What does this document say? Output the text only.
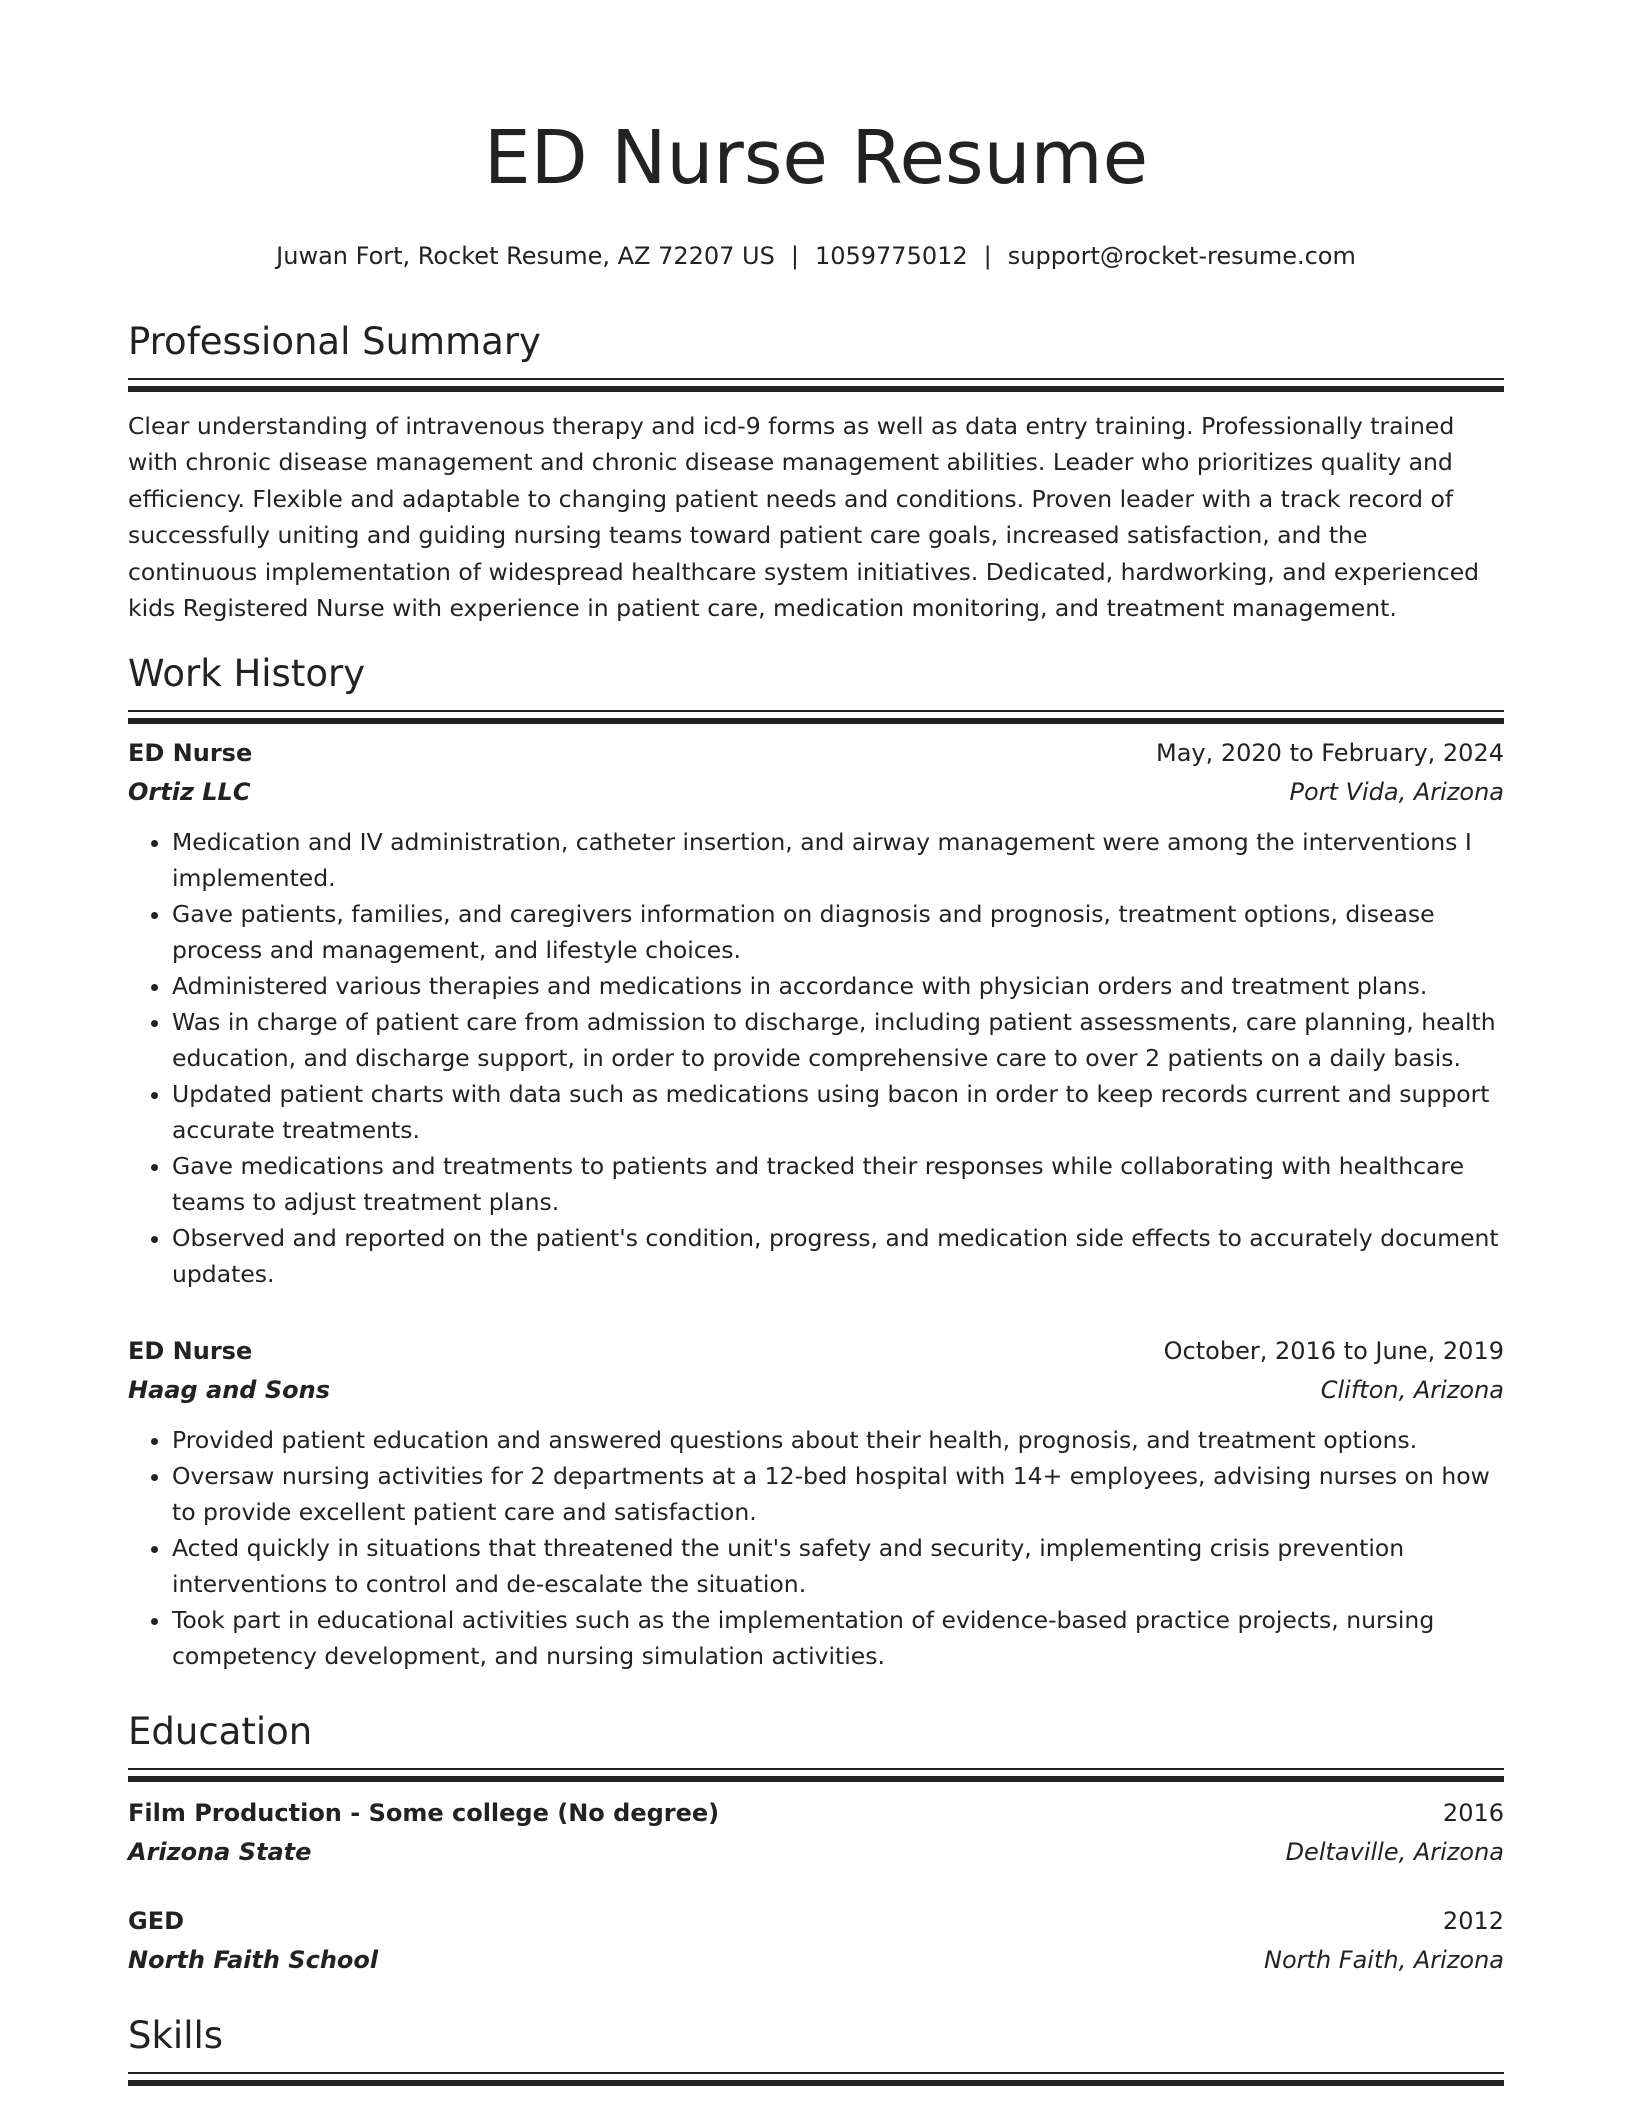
ED Nurse Resume
Juwan Fort, Rocket Resume, AZ 72207 US | 1059775012 | support@rocket-resume.com
Professional Summary
Clear understanding of intravenous therapy and icd-9 forms as well as data entry training. Professionally trained with chronic disease management and chronic disease management abilities. Leader who prioritizes quality and efficiency. Flexible and adaptable to changing patient needs and conditions. Proven leader with a track record of successfully uniting and guiding nursing teams toward patient care goals, increased satisfaction, and the continuous implementation of widespread healthcare system initiatives. Dedicated, hardworking, and experienced kids Registered Nurse with experience in patient care, medication monitoring, and treatment management.
Work History
ED Nurse	May, 2020 to February, 2024
Ortiz LLC	Port Vida, Arizona
• Medication and IV administration, catheter insertion, and airway management were among the interventions I implemented.
• Gave patients, families, and caregivers information on diagnosis and prognosis, treatment options, disease process and management, and lifestyle choices.
• Administered various therapies and medications in accordance with physician orders and treatment plans.
• Was in charge of patient care from admission to discharge, including patient assessments, care planning, health education, and discharge support, in order to provide comprehensive care to over 2 patients on a daily basis.
• Updated patient charts with data such as medications using bacon in order to keep records current and support accurate treatments.
• Gave medications and treatments to patients and tracked their responses while collaborating with healthcare teams to adjust treatment plans.
• Observed and reported on the patient's condition, progress, and medication side effects to accurately document updates.
ED Nurse	October, 2016 to June, 2019
Haag and Sons	Clifton, Arizona
• Provided patient education and answered questions about their health, prognosis, and treatment options.
• Oversaw nursing activities for 2 departments at a 12-bed hospital with 14+ employees, advising nurses on how to provide excellent patient care and satisfaction.
• Acted quickly in situations that threatened the unit's safety and security, implementing crisis prevention interventions to control and de-escalate the situation.
• Took part in educational activities such as the implementation of evidence-based practice projects, nursing competency development, and nursing simulation activities.
Education
Film Production - Some college (No degree)	2016
Arizona State	Deltaville, Arizona
GED	2012
North Faith School	North Faith, Arizona
Skills
